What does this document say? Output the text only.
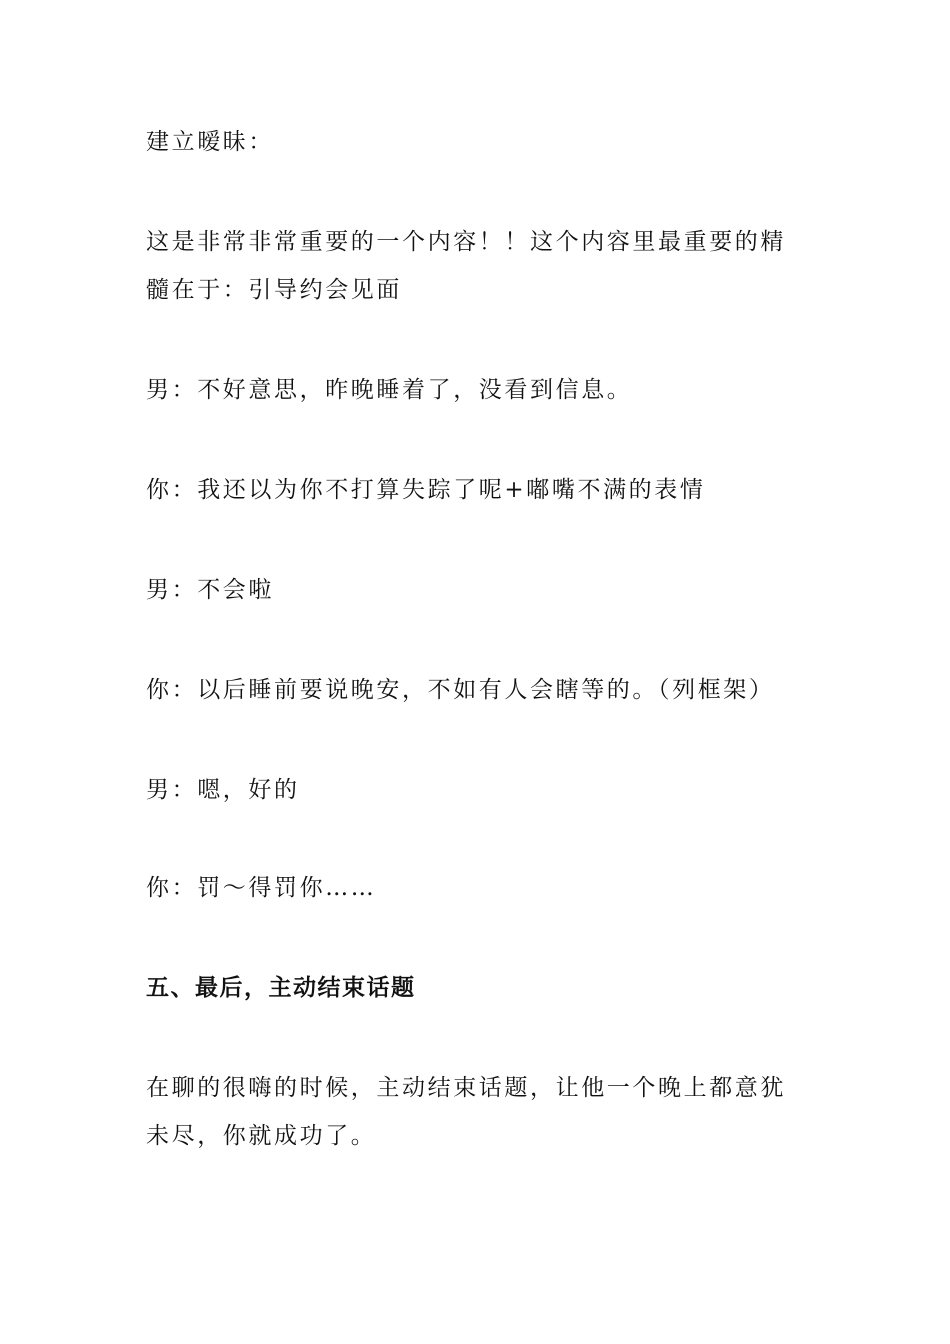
建立暧昧：
这是非常非常重要的一个内容！！这个内容里最重要的精
髓在于：引导约会见面
男：不好意思，昨晚睡着了，没看到信息。
你：我还以为你不打算失踪了呢+嘟嘴不满的表情
男：不会啦
你：以后睡前要说晚安，不如有人会瞎等的。（列框架）
男：嗯，好的
你：罚～得罚你……
五、最后，主动结束话题
在聊的很嗨的时候，主动结束话题，让他一个晚上都意犹
未尽，你就成功了。
